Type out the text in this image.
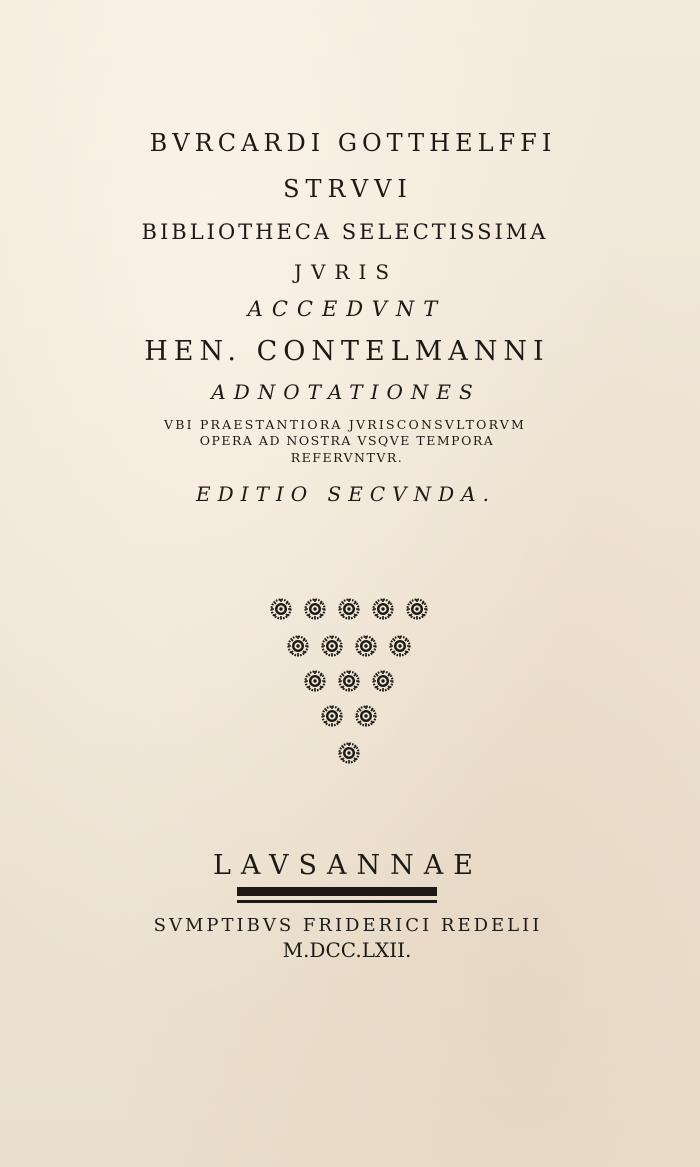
BVRCARDI GOTTHELFFI
STRVVI
BIBLIOTHECA SELECTISSIMA
JVRIS
ACCEDVNT
HEN. CONTELMANNI
ADNOTATIONES
VBI PRAESTANTIORA JVRISCONSVLTORVM
OPERA AD NOSTRA VSQVE TEMPORA
REFERVNTVR.
EDITIO SECVNDA.
LAVSANNAE
SVMPTIBVS FRIDERICI REDELII
M.DCC.LXII.
